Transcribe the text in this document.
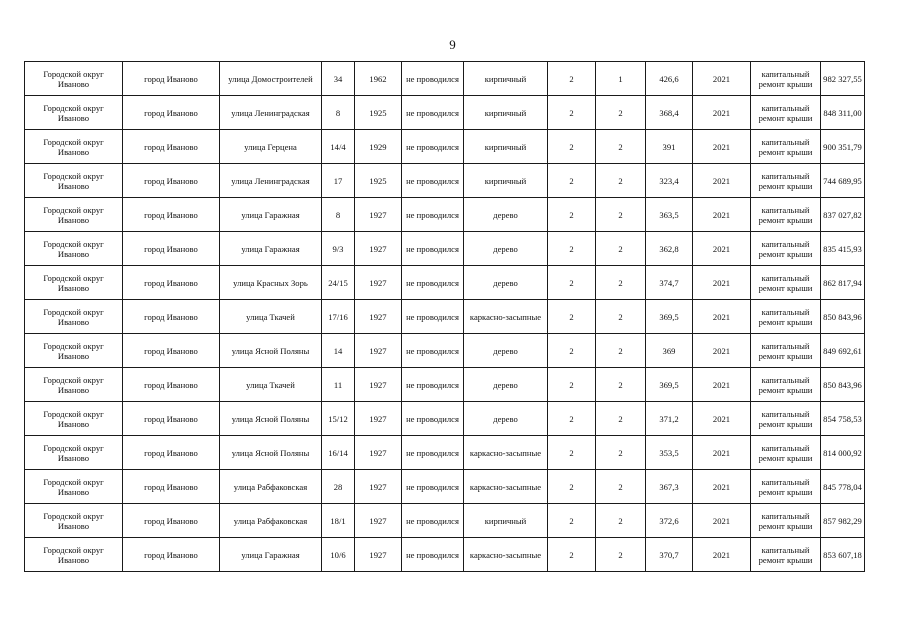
9
Городской округ Иваново	город Иваново	улица Домостроителей	34	1962	не проводился	кирпичный	2	1	426,6	2021	капитальный ремонт крыши	982 327,55
Городской округ Иваново	город Иваново	улица Ленинградская	8	1925	не проводился	кирпичный	2	2	368,4	2021	капитальный ремонт крыши	848 311,00
Городской округ Иваново	город Иваново	улица Герцена	14/4	1929	не проводился	кирпичный	2	2	391	2021	капитальный ремонт крыши	900 351,79
Городской округ Иваново	город Иваново	улица Ленинградская	17	1925	не проводился	кирпичный	2	2	323,4	2021	капитальный ремонт крыши	744 689,95
Городской округ Иваново	город Иваново	улица Гаражная	8	1927	не проводился	дерево	2	2	363,5	2021	капитальный ремонт крыши	837 027,82
Городской округ Иваново	город Иваново	улица Гаражная	9/3	1927	не проводился	дерево	2	2	362,8	2021	капитальный ремонт крыши	835 415,93
Городской округ Иваново	город Иваново	улица Красных Зорь	24/15	1927	не проводился	дерево	2	2	374,7	2021	капитальный ремонт крыши	862 817,94
Городской округ Иваново	город Иваново	улица Ткачей	17/16	1927	не проводился	каркасно-засыпные	2	2	369,5	2021	капитальный ремонт крыши	850 843,96
Городской округ Иваново	город Иваново	улица Ясной Поляны	14	1927	не проводился	дерево	2	2	369	2021	капитальный ремонт крыши	849 692,61
Городской округ Иваново	город Иваново	улица Ткачей	11	1927	не проводился	дерево	2	2	369,5	2021	капитальный ремонт крыши	850 843,96
Городской округ Иваново	город Иваново	улица Ясной Поляны	15/12	1927	не проводился	дерево	2	2	371,2	2021	капитальный ремонт крыши	854 758,53
Городской округ Иваново	город Иваново	улица Ясной Поляны	16/14	1927	не проводился	каркасно-засыпные	2	2	353,5	2021	капитальный ремонт крыши	814 000,92
Городской округ Иваново	город Иваново	улица Рабфаковская	28	1927	не проводился	каркасно-засыпные	2	2	367,3	2021	капитальный ремонт крыши	845 778,04
Городской округ Иваново	город Иваново	улица Рабфаковская	18/1	1927	не проводился	кирпичный	2	2	372,6	2021	капитальный ремонт крыши	857 982,29
Городской округ Иваново	город Иваново	улица Гаражная	10/6	1927	не проводился	каркасно-засыпные	2	2	370,7	2021	капитальный ремонт крыши	853 607,18
